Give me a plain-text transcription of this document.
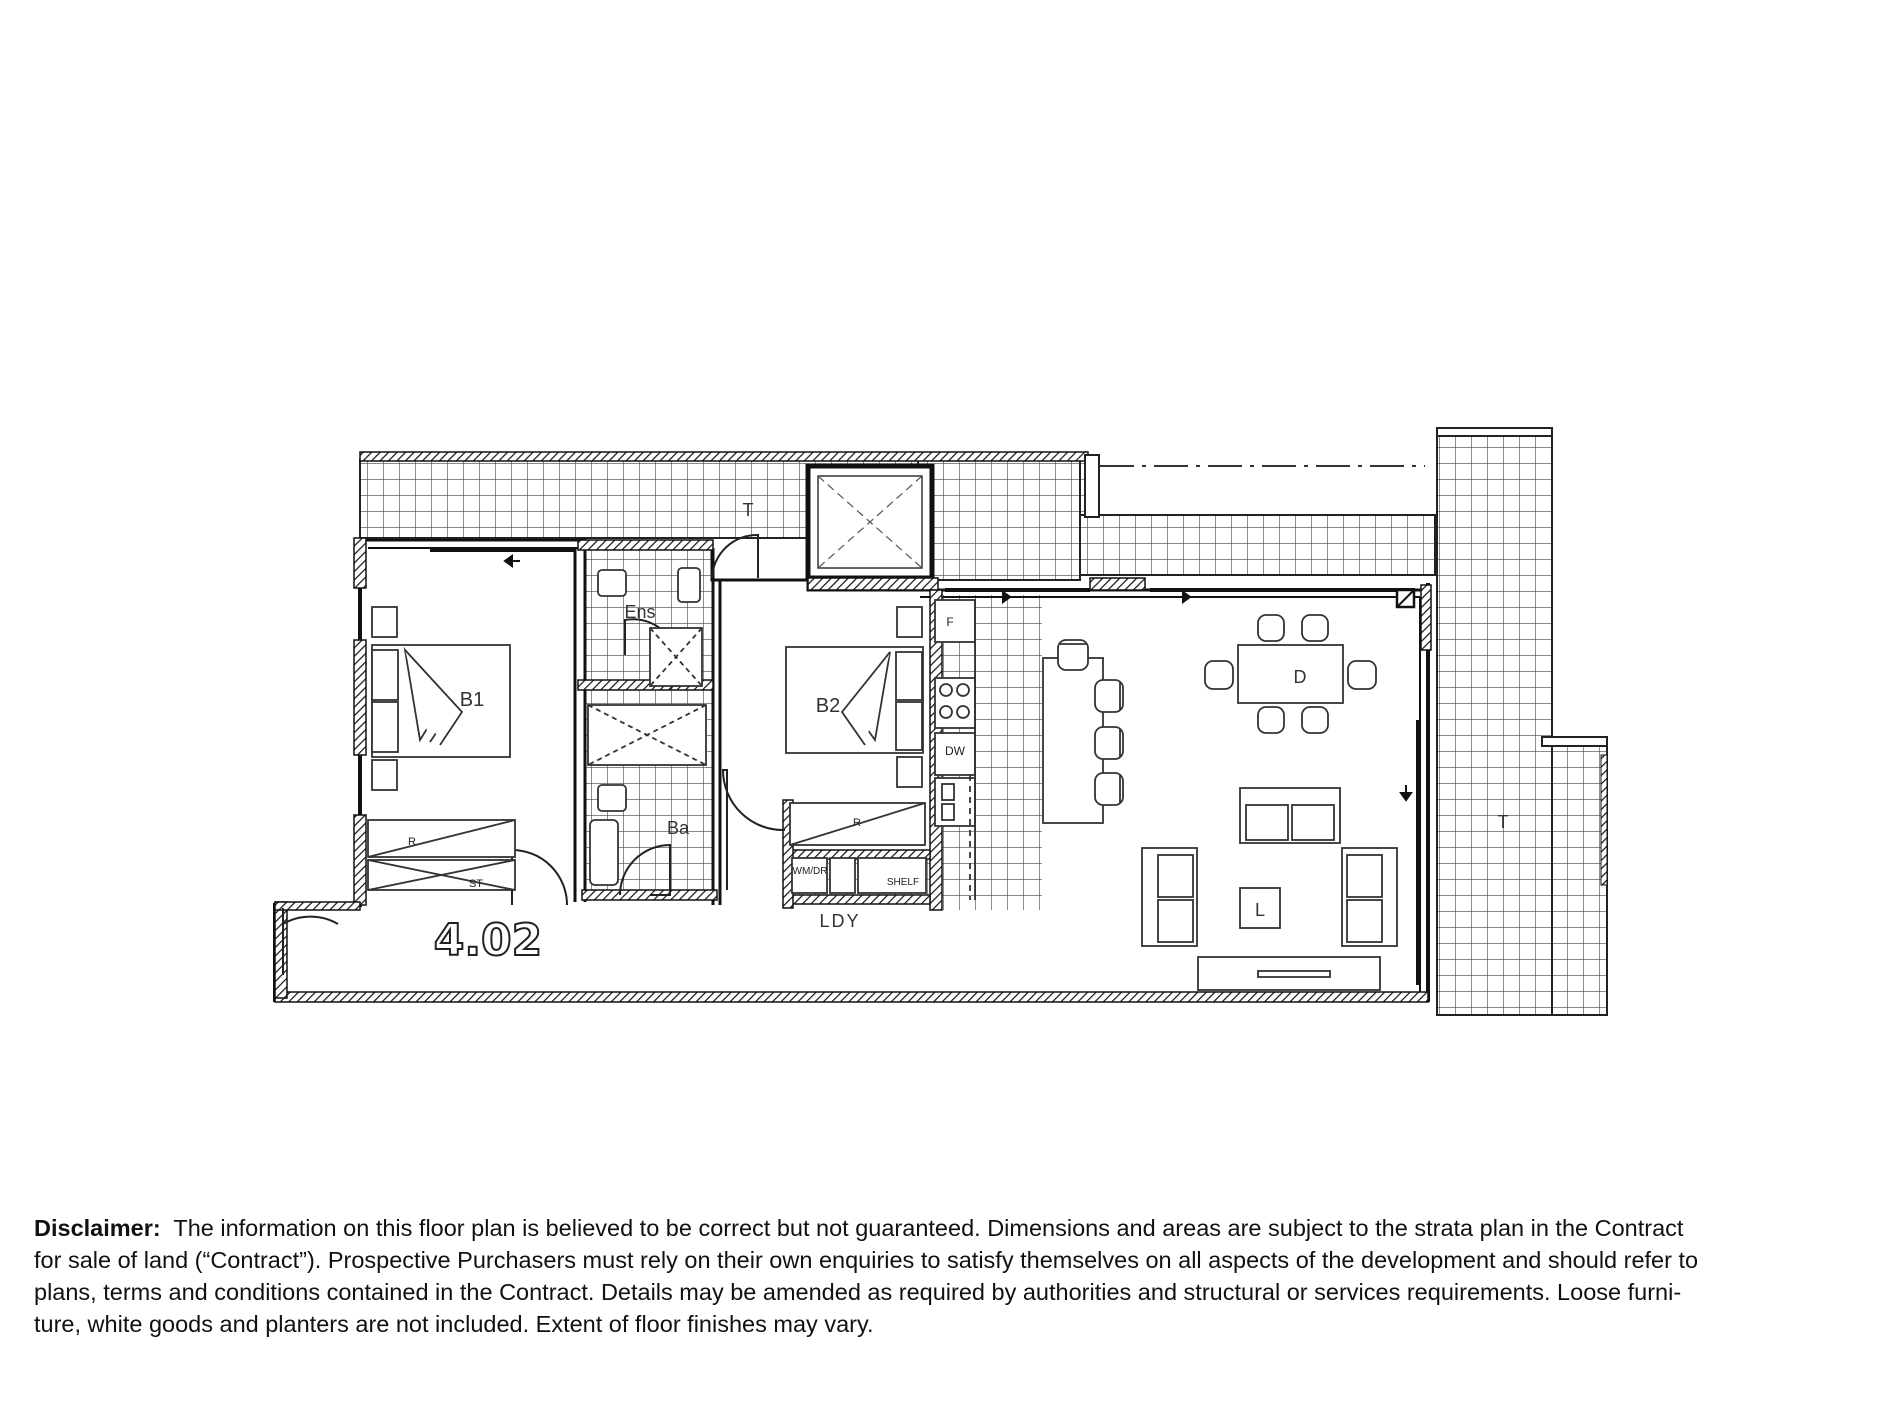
T
Ens
B1	B2
Ba
LDY
D
L
T
R
ST
R
WM/DR
SHELF
F
DW
4.02
Disclaimer: The information on this floor plan is believed to be correct but not guaranteed. Dimensions and areas are subject to the strata plan in the Contract
for sale of land (“Contract”). Prospective Purchasers must rely on their own enquiries to satisfy themselves on all aspects of the development and should refer to
plans, terms and conditions contained in the Contract. Details may be amended as required by authorities and structural or services requirements. Loose furni-
ture, white goods and planters are not included. Extent of floor finishes may vary.
